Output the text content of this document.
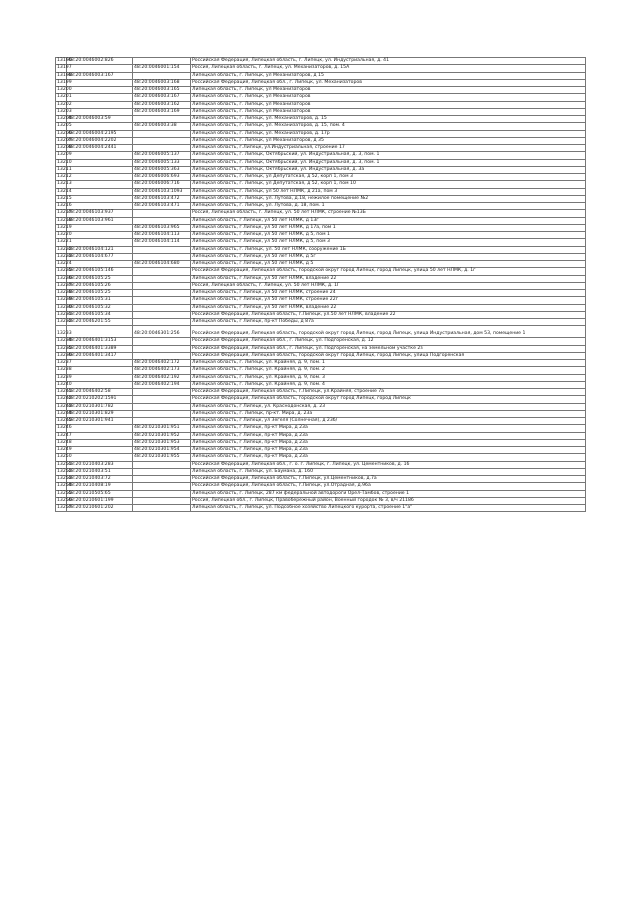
13196	48:20:0046002:826		Российская Федерация, Липецкая область, г. Липецк, ул. Индустриальная, д. 41
13197		48:20:0046001:154	Россия, Липецкая область, г. Липецк, ул. Механизаторов, д. 15А
13198	48:20:0046003:167		Липецкая область, г. Липецк, ул Механизаторов, д 15
13199		48:20:0046003:168	Российская Федерация, Липецкая обл., г. Липецк, ул. Механизаторов
13200		48:20:0046003:165	Липецкая область, г. Липецк, ул Механизаторов
13201		48:20:0046003:167	Липецкая область, г. Липецк, ул Механизаторов
13202		48:20:0046003:162	Липецкая область, г. Липецк, ул Механизаторов
13203		48:20:0046003:169	Липецкая область, г. Липецк, ул Механизаторов
13204	48:20:0046003:59		Липецкая область, г. Липецк, ул. Механизаторов, д. 15
13205		48:20:0046003:38	Липецкая область, г. Липецк, ул. Механизаторов, д. 15, пом. 4
13206	48:20:0046004:2195		Липецкая область, г. Липецк, ул. Механизаторов, д. 17р
13207	48:20:0046004:2202		Липецкая область, г. Липецк, ул Механизаторов, д 35
13208	48:20:0046004:2441		Липецкая область, г.Липецк, ул.Индустриальная, строение 17
13209		48:20:0046005:137	Липецкая область, г. Липецк, Октябрьский, ул. Индустриальная, д. 3, пом. 1
13210		48:20:0046005:133	Липецкая область, г. Липецк, Октябрьский, ул. Индустриальная, д. 3, пом. 1
13211		48:20:0046005:363	Липецкая область, г. Липецк, Октябрьский, ул. Индустриальная, д. 3а
13212		48:20:0046006:693	Липецкая область, г. Липецк, ул Депутатская, д 52, корп 1, пом 3
13213		48:20:0046006:716	Липецкая область, г. Липецк, ул Депутатская, д 52, корп 1, пом 10
13214		48:20:0046103:1093	Липецкая область, г. Липецк, ул 50 лет НЛМК, д 21а, пом 3
13215		48:20:0046103:472	Липецкая область, г. Липецк, ул. Лутова, д.18, нежилое помещение №2
13216		48:20:0046103:471	Липецкая область, г. Липецк, ул. Лутова, д. 18, пом. 1
13217	48:20:0046103:937		Россия, Липецкая область, г. Липецк, ул. 50 лет НЛМК, строение №13Б
13218	48:20:0046103:961		Липецкая область, г Липецк, ул 50 лет НЛМК, д 13г
13219		48:20:0046103:965	Липецкая область, г Липецк, ул 50 лет НЛМК, д 17а, пом 1
13220		48:20:0046104:113	Липецкая область, г Липецк, ул 50 лет НЛМК, д 5, пом 1
13221		48:20:0046104:114	Липецкая область, г Липецк, ул 50 лет НЛМК, д 5, пом 3
13222	48:20:0046104:121		Липецкая область, г. Липецк, ул. 50 лет НЛМК, сооружение 1Б
13223	48:20:0046104:677		Липецкая область, г Липецк, ул 50 лет НЛМК, д 5г
13224		48:20:0046104:680	Липецкая область, г Липецк, ул 50 лет НЛМК, д 5
13225	48:20:0046105:146		Российская Федерация, Липецкая область, городской округ город Липецк, город Липецк, улица 50 лет НЛМК, д. 1г
13226	48:20:0046105:25		Липецкая область, г Липецк, ул 50 лет НЛМК, владение 22
13227	48:20:0046105:26		Россия, Липецкая область, г. Липецк, ул. 50 лет НЛМК, д. 1Г
13228	48:20:0046105:25		Липецкая область, г Липецк, ул 50 лет НЛМК, строение 24
13229	48:20:0046105:31		Липецкая область, г Липецк, ул 50 лет НЛМК, строение 22г
13230	48:20:0046105:32		Липецкая область, г Липецк, ул 50 лет НЛМК, владение 22
13231	48:20:0046105:34		Российская Федерация, Липецкая область, г.Липецк, ул.50 лет НЛМК, владение 22
13232	48:20:0046201:55		Липецкая область, г Липецк, пр-кт Победы, д 87а
13233		48:20:0046301:256	Российская Федерация, Липецкая область, городской округ город Липецк, город Липецк, улица Индустриальная, дом 53, помещение 1
13234	48:20:0046401:3153		Российская Федерация, Липецкая обл., г. Липецк, ул. Подгоренская, д. 12
13235	48:20:0046401:3389		Российская Федерация, Липецкая обл., г. Липецк, ул. Подгоренская, на земельном участке 2з
13236	48:20:0046401:3417		Российская Федерация, Липецкая область, городской округ город Липецк, город Липецк, улица Подгоренская
13237		48:20:0046402:172	Липецкая область, г. Липецк, ул. Крайняя, д. 9, пом. 1
13238		48:20:0046402:173	Липецкая область, г. Липецк, ул. Крайняя, д. 9, пом. 2
13239		48:20:0046402:192	Липецкая область, г. Липецк, ул. Крайняя, д. 9, пом. 3
13240		48:20:0046402:194	Липецкая область, г. Липецк, ул. Крайняя, д. 9, пом. 4
13241	48:20:0046402:58		Российская Федерация, Липецкая область, г.Липецк, ул.Крайняя, строение 7а
13242	48:20:0210202:1591		Российская Федерация, Липецкая область, городской округ город Липецк, город Липецк
13243	48:20:0210301:782		Липецкая область, г Липецк, ул. Краснодонская, д. 23
13244	48:20:0210301:829		Липецкая область, г. Липецк, пр-кт. Мира, д. 23а
13245	48:20:0210301:941		Липецкая область, г Липецк, ул Зегеля (Солнечная), д 23б/
13246		48:20:0210301:951	Липецкая область, г Липецк, пр-кт Мира, д 23а
13247		48:20:0210301:952	Липецкая область, г Липецк, пр-кт Мира, д 23а
13248		48:20:0210301:953	Липецкая область, г Липецк, пр-кт Мира, д 23а
13249		48:20:0210301:954	Липецкая область, г Липецк, пр-кт Мира, д 23а
13250		48:20:0210301:955	Липецкая область, г Липецк, пр-кт Мира, д 23а
13251	48:20:0210403:283		Российская Федерация, Липецкая обл., г. о. г. Липецк, г. Липецк, ул. Цементников, д. 16
13252	48:20:0210403:51		Липецкая область, г. Липецк, ул. Бауманa, д. 160
13253	48:20:0210403:72		Российская Федерация, Липецкая область, г.Липецк, ул.Цементников, д.7а
13254	48:20:0210408:19		Российская Федерация, Липецкая область, г.Липецк, ул.Отрадная, д.96а
13255	48:20:0210505:65		Липецкая область, г. Липецк, 287 км федеральной автодороги Орел-Тамбов, строение 1
13256	48:20:0210601:199		Россия, Липецкая обл., г. Липецк, Правобережный район, Военный городок № 3, в/ч 21186
13257	48:20:0210601:202		Липецкая область, г. Липецк, ул. Подсобное хозяйство Липецкого курорта, строение 1"а"
